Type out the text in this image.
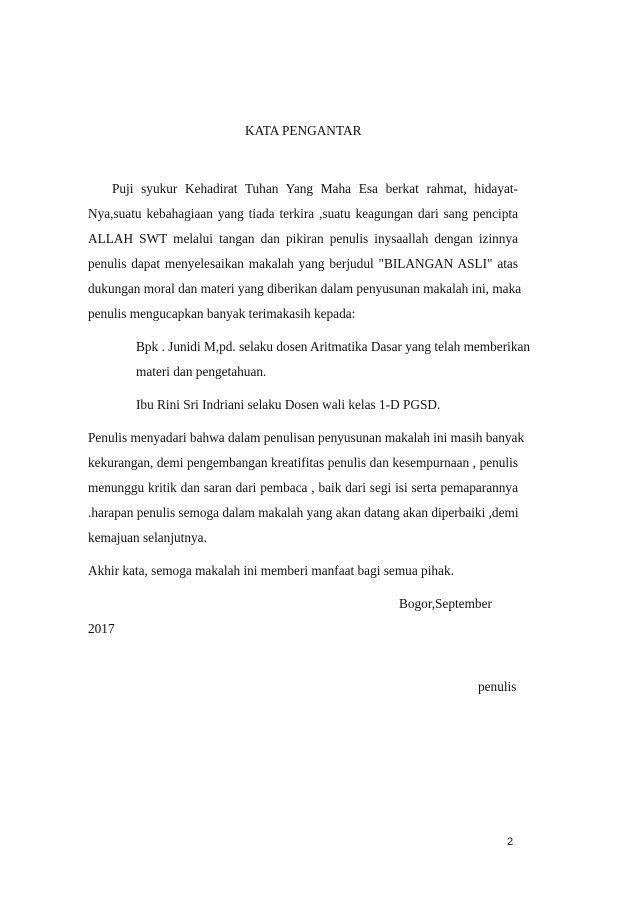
KATA PENGANTAR
Puji syukur Kehadirat Tuhan Yang Maha Esa berkat rahmat, hidayat-
Nya,suatu kebahagiaan yang tiada terkira ,suatu keagungan dari sang pencipta
ALLAH SWT melalui tangan dan pikiran penulis inysaallah dengan izinnya
penulis dapat menyelesaikan makalah yang berjudul "BILANGAN ASLI" atas
dukungan moral dan materi yang diberikan dalam penyusunan makalah ini, maka
penulis mengucapkan banyak terimakasih kepada:
Bpk . Junidi M,pd. selaku dosen Aritmatika Dasar yang telah memberikan
materi dan pengetahuan.
Ibu Rini Sri Indriani selaku Dosen wali kelas 1-D PGSD.
Penulis menyadari bahwa dalam penulisan penyusunan makalah ini masih banyak
kekurangan, demi pengembangan kreatifitas penulis dan kesempurnaan , penulis
menunggu kritik dan saran dari pembaca , baik dari segi isi serta pemaparannya
.harapan penulis semoga dalam makalah yang akan datang akan diperbaiki ,demi
kemajuan selanjutnya.
Akhir kata, semoga makalah ini memberi manfaat bagi semua pihak.
Bogor,September
2017
penulis
2
